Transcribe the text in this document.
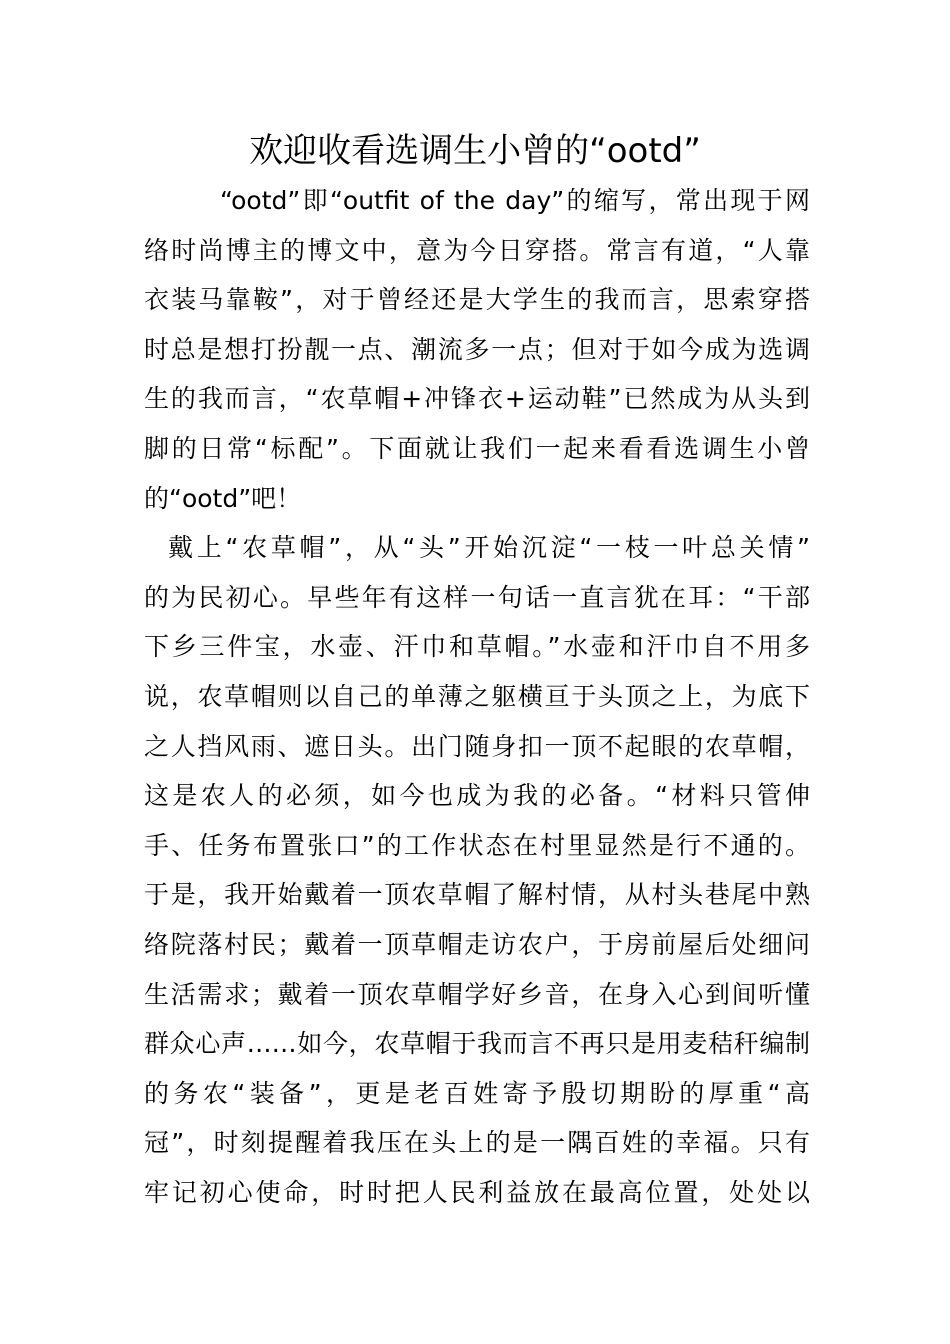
欢迎收看选调生小曾的“ootd”
“ootd”即“outfit of the day”的缩写，常出现于网
络时尚博主的博文中，意为今日穿搭。常言有道，“人靠
衣装马靠鞍”，对于曾经还是大学生的我而言，思索穿搭
时总是想打扮靓一点、潮流多一点；但对于如今成为选调
生的我而言，“农草帽+冲锋衣+运动鞋”已然成为从头到
脚的日常“标配”。下面就让我们一起来看看选调生小曾
的“ootd”吧！
戴上“农草帽”，从“头”开始沉淀“一枝一叶总关情”
的为民初心。早些年有这样一句话一直言犹在耳：“干部
下乡三件宝，水壶、汗巾和草帽。”水壶和汗巾自不用多
说，农草帽则以自己的单薄之躯横亘于头顶之上，为底下
之人挡风雨、遮日头。出门随身扣一顶不起眼的农草帽，
这是农人的必须，如今也成为我的必备。“材料只管伸
手、任务布置张口”的工作状态在村里显然是行不通的。
于是，我开始戴着一顶农草帽了解村情，从村头巷尾中熟
络院落村民；戴着一顶草帽走访农户，于房前屋后处细问
生活需求；戴着一顶农草帽学好乡音，在身入心到间听懂
群众心声……如今，农草帽于我而言不再只是用麦秸秆编制
的务农“装备”，更是老百姓寄予殷切期盼的厚重“高
冠”，时刻提醒着我压在头上的是一隅百姓的幸福。只有
牢记初心使命，时时把人民利益放在最高位置，处处以
